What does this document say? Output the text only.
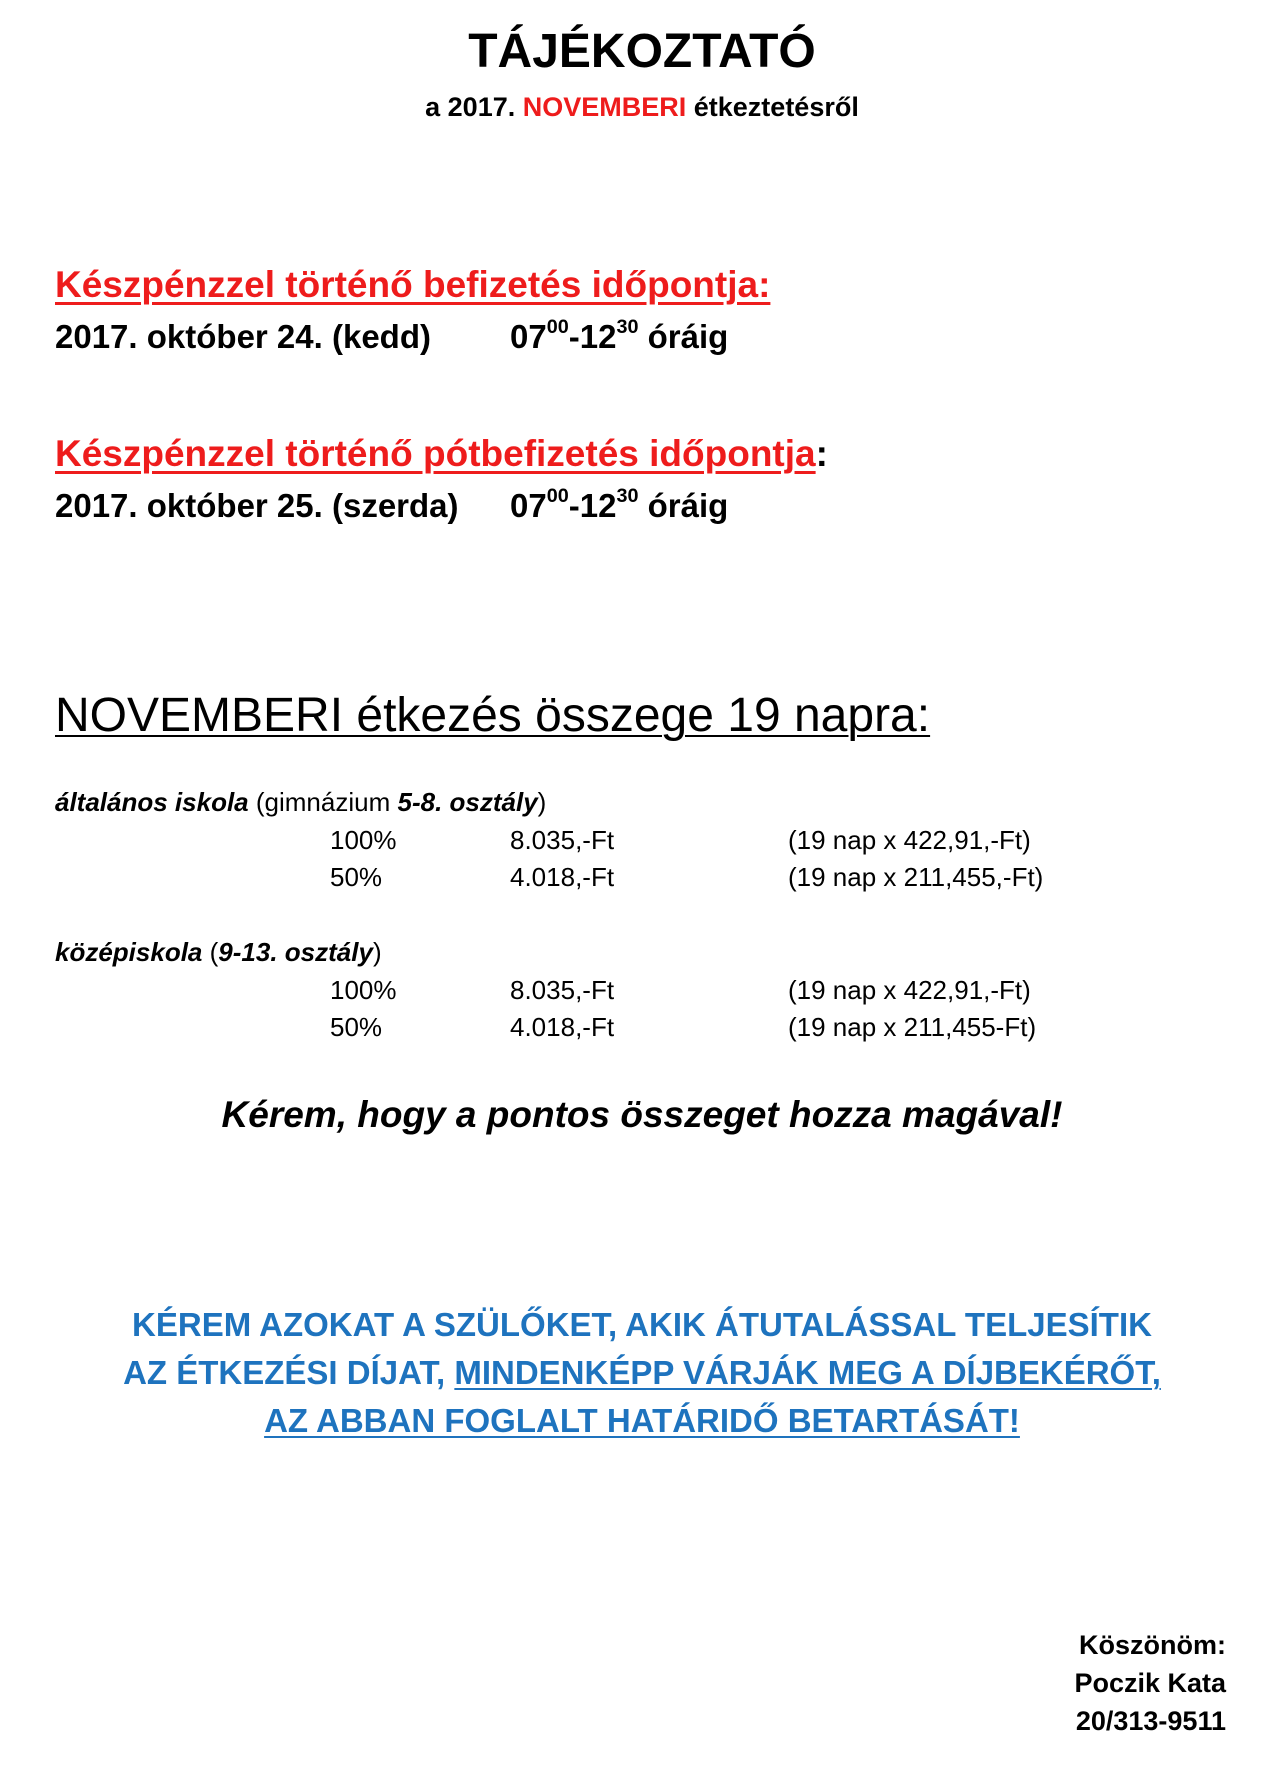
TÁJÉKOZTATÓ
a 2017. NOVEMBERI étkeztetésről
Készpénzzel történő befizetés időpontja:
2017. október 24. (kedd) $07^{00}-12^{30}$ óráig
Készpénzzel történő pótbefizetés időpontja:
2017. október 25. (szerda) $07^{00}-12^{30}$ óráig
NOVEMBERI étkezés összege 19 napra:
általános iskola (gimnázium 5-8. osztály)
100%	8.035,-Ft	(19 nap x 422,91,-Ft)
50%	4.018,-Ft	(19 nap x 211,455,-Ft)
középiskola (9-13. osztály)
100%	8.035,-Ft	(19 nap x 422,91,-Ft)
50%	4.018,-Ft	(19 nap x 211,455-Ft)
Kérem, hogy a pontos összeget hozza magával!
KÉREM AZOKAT A SZÜLŐKET, AKIK ÁTUTALÁSSAL TELJESÍTIK
AZ ÉTKEZÉSI DÍJAT, MINDENKÉPP VÁRJÁK MEG A DÍJBEKÉRŐT,
AZ ABBAN FOGLALT HATÁRIDŐ BETARTÁSÁT!
Köszönöm:
Poczik Kata
20/313-9511
